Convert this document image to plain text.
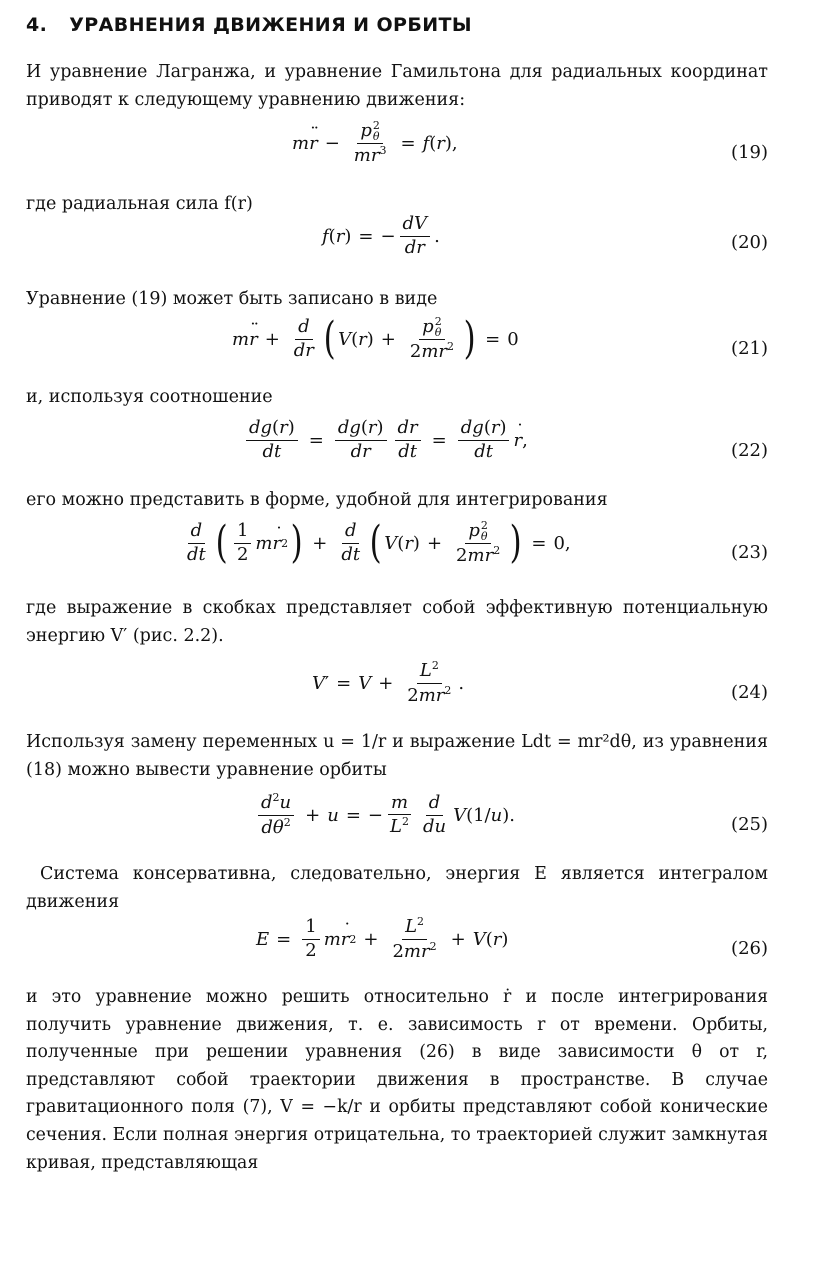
4. УРАВНЕНИЯ ДВИЖЕНИЯ И ОРБИТЫ
И уравнение Лагранжа, и уравнение Гамильтона для радиальных координат приводят к следующему уравнению движения:
m r ¨ − p 2
θ
$mr^3 = f$ ( r ),	(19)
где радиальная сила f(r)
f ( r ) = − $\frac{dV}{dr}$ .	(20)
Уравнение (19) может быть записано в виде
m r ¨ + $\frac{d}{dr}$ ( V ( r ) + p 2
θ
$2mr^2$ ) = 0	(21)
и, используя соотношение
$\frac{dg(r)}{dt} = \frac{dg(r)}{dr} \frac{dr}{dt} = \frac{dg(r)}{dt}$ r ˙ ,	(22)
его можно представить в форме, удобной для интегрирования
$\frac{d}{dt}$ ( $\frac{1}{2}$ m r ˙ 2 ) + $\frac{d}{dt}$ ( V ( r ) + p 2
θ
$2mr^2$ ) = 0,	(23)
где выражение в скобках представляет собой эффективную потенциальную энергию V′ (рис. 2.2).
V ′ = $V + \frac{L^2}{2mr^2}$ .	(24)
Используя замену переменных u = 1/r и выражение Ldt = mr²dθ, из уравнения (18) можно вывести уравнение орбиты
$\frac{d^2u}{d\theta^2} + u$ = − $\frac{m}{L^2} \frac{d}{du}$ V (1/ u ).	(25)
Система консервативна, следовательно, энергия E является интегралом движения
$E = \frac{1}{2}$ m r ˙ $2 + \frac{L^2}{2mr^2} + V$ ( r )	(26)
и это уравнение можно решить относительно ṙ и после интегрирования получить уравнение движения, т. е. зависимость r от времени. Орбиты, полученные при решении уравнения (26) в виде зависимости θ от r, представляют собой траектории движения в пространстве. В случае гравитационного поля (7), V = −k/r и орбиты представляют собой конические сечения. Если полная энергия отрицательна, то траекторией служит замкнутая кривая, представляющая
